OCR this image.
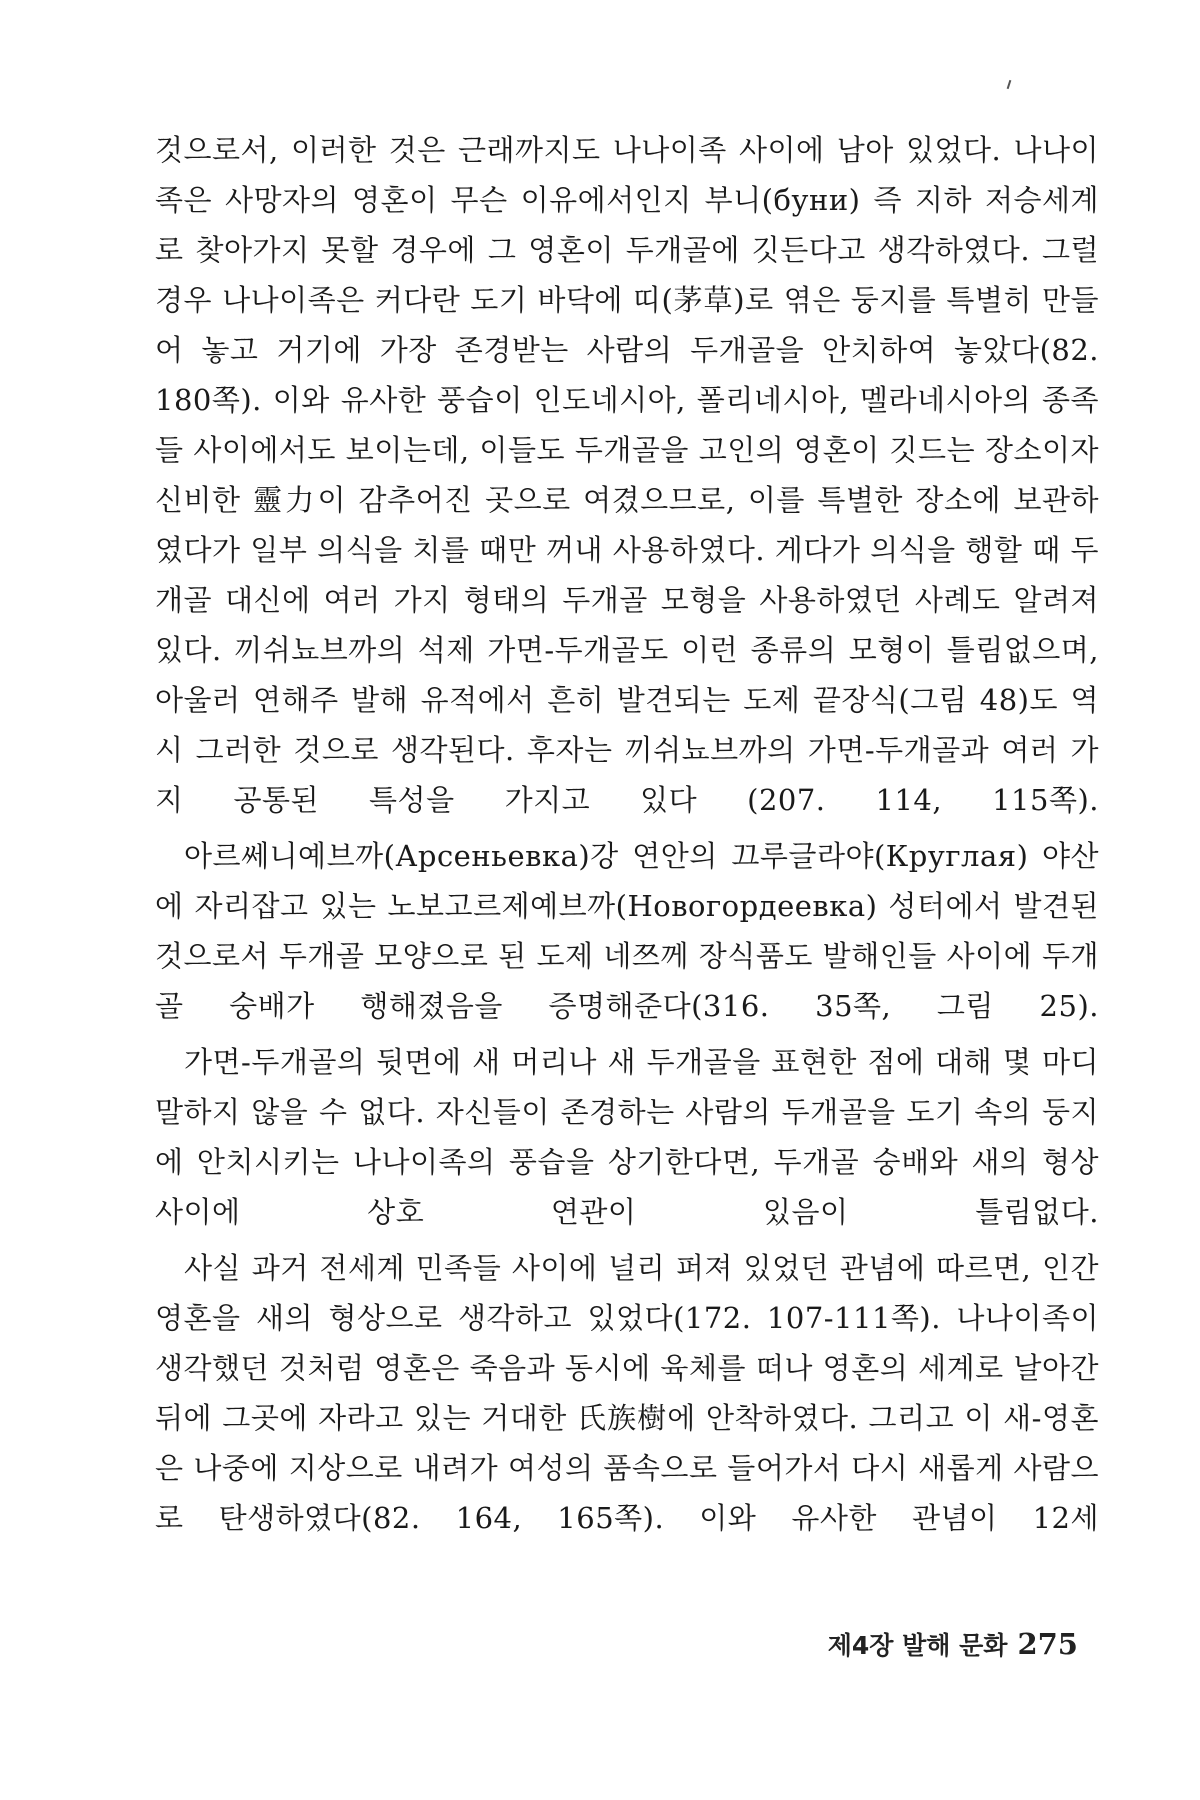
것으로서, 이러한 것은 근래까지도 나나이족 사이에 남아 있었다. 나나이족은 사망자의 영혼이 무슨 이유에서인지 부니(буни) 즉 지하 저승세계로 찾아가지 못할 경우에 그 영혼이 두개골에 깃든다고 생각하였다. 그럴 경우 나나이족은 커다란 도기 바닥에 띠(茅草)로 엮은 둥지를 특별히 만들어 놓고 거기에 가장 존경받는 사람의 두개골을 안치하여 놓았다(82. 180쪽). 이와 유사한 풍습이 인도네시아, 폴리네시아, 멜라네시아의 종족들 사이에서도 보이는데, 이들도 두개골을 고인의 영혼이 깃드는 장소이자 신비한 靈力이 감추어진 곳으로 여겼으므로, 이를 특별한 장소에 보관하였다가 일부 의식을 치를 때만 꺼내 사용하였다. 게다가 의식을 행할 때 두개골 대신에 여러 가지 형태의 두개골 모형을 사용하였던 사례도 알려져 있다. 끼쉬뇨브까의 석제 가면-두개골도 이런 종류의 모형이 틀림없으며, 아울러 연해주 발해 유적에서 흔히 발견되는 도제 끝장식(그림 48)도 역시 그러한 것으로 생각된다. 후자는 끼쉬뇨브까의 가면-두개골과 여러 가지 공통된 특성을 가지고 있다 (207. 114, 115쪽).

아르쎄니예브까(Арсеньевка)강 연안의 끄루글라야(Круглая) 야산에 자리잡고 있는 노보고르제예브까(Новогордеевка) 성터에서 발견된 것으로서 두개골 모양으로 된 도제 네쯔께 장식품도 발해인들 사이에 두개골 숭배가 행해졌음을 증명해준다(316. 35쪽, 그림 25).

가면-두개골의 뒷면에 새 머리나 새 두개골을 표현한 점에 대해 몇 마디 말하지 않을 수 없다. 자신들이 존경하는 사람의 두개골을 도기 속의 둥지에 안치시키는 나나이족의 풍습을 상기한다면, 두개골 숭배와 새의 형상 사이에 상호 연관이 있음이 틀림없다.

사실 과거 전세계 민족들 사이에 널리 퍼져 있었던 관념에 따르면, 인간 영혼을 새의 형상으로 생각하고 있었다(172. 107-111쪽). 나나이족이 생각했던 것처럼 영혼은 죽음과 동시에 육체를 떠나 영혼의 세계로 날아간 뒤에 그곳에 자라고 있는 거대한 氏族樹에 안착하였다. 그리고 이 새-영혼은 나중에 지상으로 내려가 여성의 품속으로 들어가서 다시 새롭게 사람으로 탄생하였다(82. 164, 165쪽). 이와 유사한 관념이 12세

제4장 발해 문화 275
